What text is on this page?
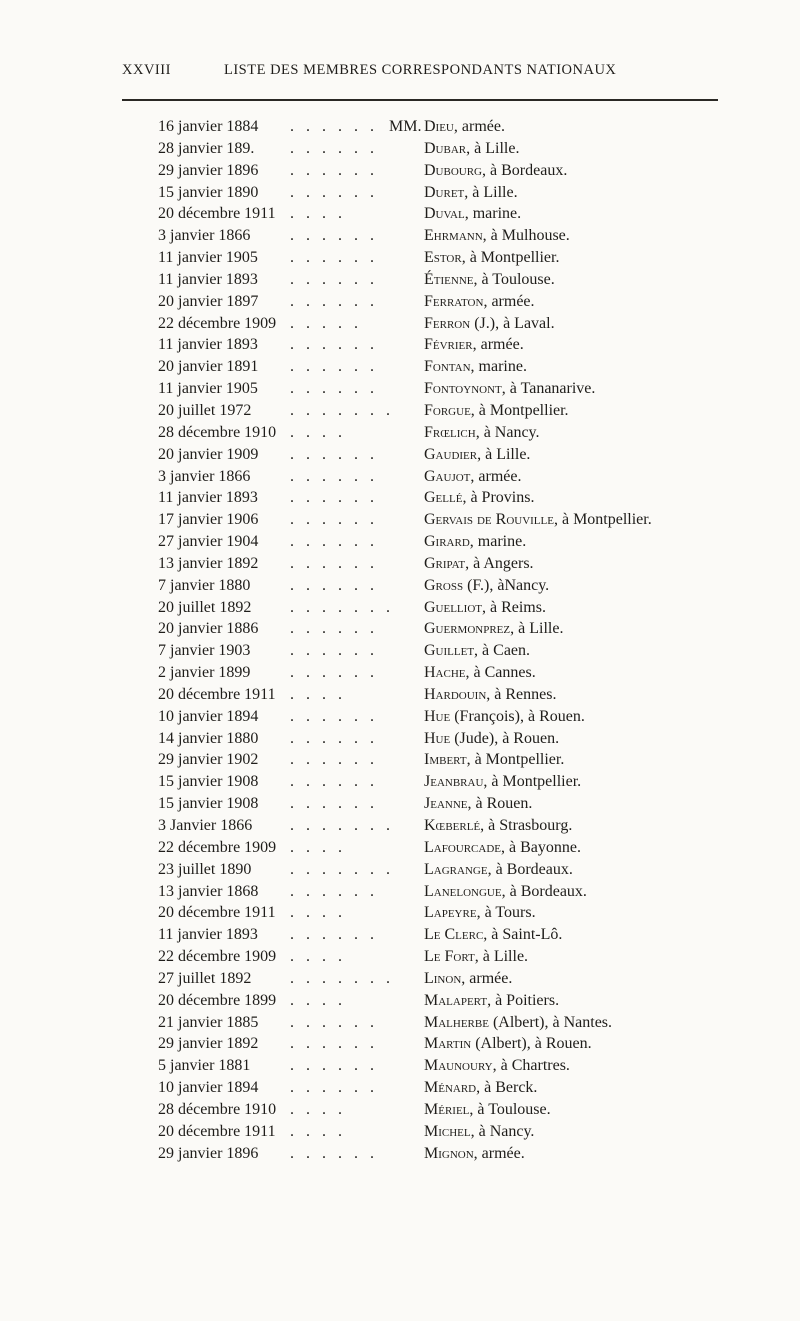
XXVIII	LISTE DES MEMBRES CORRESPONDANTS NATIONAUX
16 janvier 1884 . . . . . . MM. Dieu, armée.
28 janvier 189. . . . . . .	Dubar, à Lille.
29 janvier 1896 . . . . . .	Dubourg, à Bordeaux.
15 janvier 1890 . . . . . .	Duret, à Lille.
20 décembre 1911 . . . .	Duval, marine.
3 janvier 1866 . . . . . .	Ehrmann, à Mulhouse.
11 janvier 1905 . . . . . .	Estor, à Montpellier.
11 janvier 1893 . . . . . .	Étienne, à Toulouse.
20 janvier 1897 . . . . . .	Ferraton, armée.
22 décembre 1909 . . . . .	Ferron (J.), à Laval.
11 janvier 1893 . . . . . .	Février, armée.
20 janvier 1891 . . . . . .	Fontan, marine.
11 janvier 1905 . . . . . .	Fontoynont, à Tananarive.
20 juillet 1972 . . . . . . . Forgue, à Montpellier.
28 décembre 1910 . . . .	Frœlich, à Nancy.
20 janvier 1909 . . . . . .	Gaudier, à Lille.
3 janvier 1866 . . . . . .	Gaujot, armée.
11 janvier 1893 . . . . . .	Gellé, à Provins.
17 janvier 1906 . . . . . .	Gervais de Rouville, à Montpellier.
27 janvier 1904 . . . . . .	Girard, marine.
13 janvier 1892 . . . . . .	Gripat, à Angers.
7 janvier 1880 . . . . . .	Gross (F.), àNancy.
20 juillet 1892 . . . . . . . Guelliot, à Reims.
20 janvier 1886 . . . . . .	Guermonprez, à Lille.
7 janvier 1903 . . . . . .	Guillet, à Caen.
2 janvier 1899 . . . . . .	Hache, à Cannes.
20 décembre 1911 . . . .	Hardouin, à Rennes.
10 janvier 1894 . . . . . .	Hue (François), à Rouen.
14 janvier 1880 . . . . . .	Hue (Jude), à Rouen.
29 janvier 1902 . . . . . .	Imbert, à Montpellier.
15 janvier 1908 . . . . . .	Jeanbrau, à Montpellier.
15 janvier 1908 . . . . . .	Jeanne, à Rouen.
3 Janvier 1866 . . . . . . . Kœberlé, à Strasbourg.
22 décembre 1909 . . . .	Lafourcade, à Bayonne.
23 juillet 1890 . . . . . . . Lagrange, à Bordeaux.
13 janvier 1868 . . . . . .	Lanelongue, à Bordeaux.
20 décembre 1911 . . . .	Lapeyre, à Tours.
11 janvier 1893 . . . . . .	Le Clerc, à Saint-Lô.
22 décembre 1909 . . . .	Le Fort, à Lille.
27 juillet 1892 . . . . . . . Linon, armée.
20 décembre 1899 . . . .	Malapert, à Poitiers.
21 janvier 1885 . . . . . .	Malherbe (Albert), à Nantes.
29 janvier 1892 . . . . . .	Martin (Albert), à Rouen.
5 janvier 1881 . . . . . .	Maunoury, à Chartres.
10 janvier 1894 . . . . . .	Ménard, à Berck.
28 décembre 1910 . . . .	Mériel, à Toulouse.
20 décembre 1911 . . . .	Michel, à Nancy.
29 janvier 1896 . . . . . .	Mignon, armée.
